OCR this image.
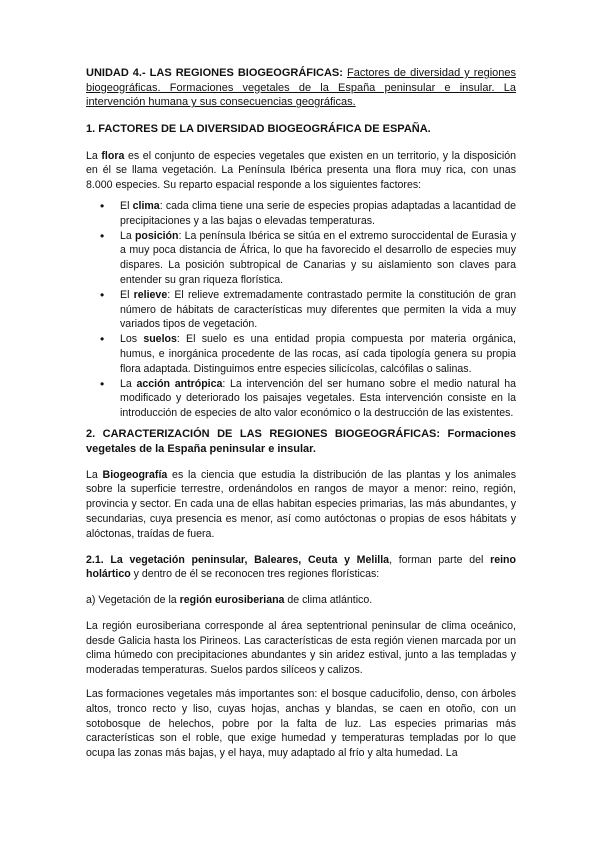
UNIDAD 4.- LAS REGIONES BIOGEOGRÁFICAS: Factores de diversidad y regiones biogeográficas. Formaciones vegetales de la España peninsular e insular. La intervención humana y sus consecuencias geográficas.

1. FACTORES DE LA DIVERSIDAD BIOGEOGRÁFICA DE ESPAÑA.

La flora es el conjunto de especies vegetales que existen en un territorio, y la disposición en él se llama vegetación. La Península Ibérica presenta una flora muy rica, con unas 8.000 especies. Su reparto espacial responde a los siguientes factores:

• El clima: cada clima tiene una serie de especies propias adaptadas a lacantidad de precipitaciones y a las bajas o elevadas temperaturas.
• La posición: La península Ibérica se sitúa en el extremo suroccidental de Eurasia y a muy poca distancia de África, lo que ha favorecido el desarrollo de especies muy dispares. La posición subtropical de Canarias y su aislamiento son claves para entender su gran riqueza florística.
• El relieve: El relieve extremadamente contrastado permite la constitución de gran número de hábitats de características muy diferentes que permiten la vida a muy variados tipos de vegetación.
• Los suelos: El suelo es una entidad propia compuesta por materia orgánica, humus, e inorgánica procedente de las rocas, así cada tipología genera su propia flora adaptada. Distinguimos entre especies silicícolas, calcófilas o salinas.
• La acción antrópica: La intervención del ser humano sobre el medio natural ha modificado y deteriorado los paisajes vegetales. Esta intervención consiste en la introducción de especies de alto valor económico o la destrucción de las existentes.

2. CARACTERIZACIÓN DE LAS REGIONES BIOGEOGRÁFICAS: Formaciones vegetales de la España peninsular e insular.

La Biogeografía es la ciencia que estudia la distribución de las plantas y los animales sobre la superficie terrestre, ordenándolos en rangos de mayor a menor: reino, región, provincia y sector. En cada una de ellas habitan especies primarias, las más abundantes, y secundarias, cuya presencia es menor, así como autóctonas o propias de esos hábitats y alóctonas, traídas de fuera.

2.1. La vegetación peninsular, Baleares, Ceuta y Melilla, forman parte del reino holártico y dentro de él se reconocen tres regiones florísticas:

a) Vegetación de la región eurosiberiana de clima atlántico.

La región eurosiberiana corresponde al área septentrional peninsular de clima oceánico, desde Galicia hasta los Pirineos. Las características de esta región vienen marcada por un clima húmedo con precipitaciones abundantes y sin aridez estival, junto a las templadas y moderadas temperaturas. Suelos pardos silíceos y calizos.

Las formaciones vegetales más importantes son: el bosque caducifolio, denso, con árboles altos, tronco recto y liso, cuyas hojas, anchas y blandas, se caen en otoño, con un sotobosque de helechos, pobre por la falta de luz. Las especies primarias más características son el roble, que exige humedad y temperaturas templadas por lo que ocupa las zonas más bajas, y el haya, muy adaptado al frío y alta humedad. La
